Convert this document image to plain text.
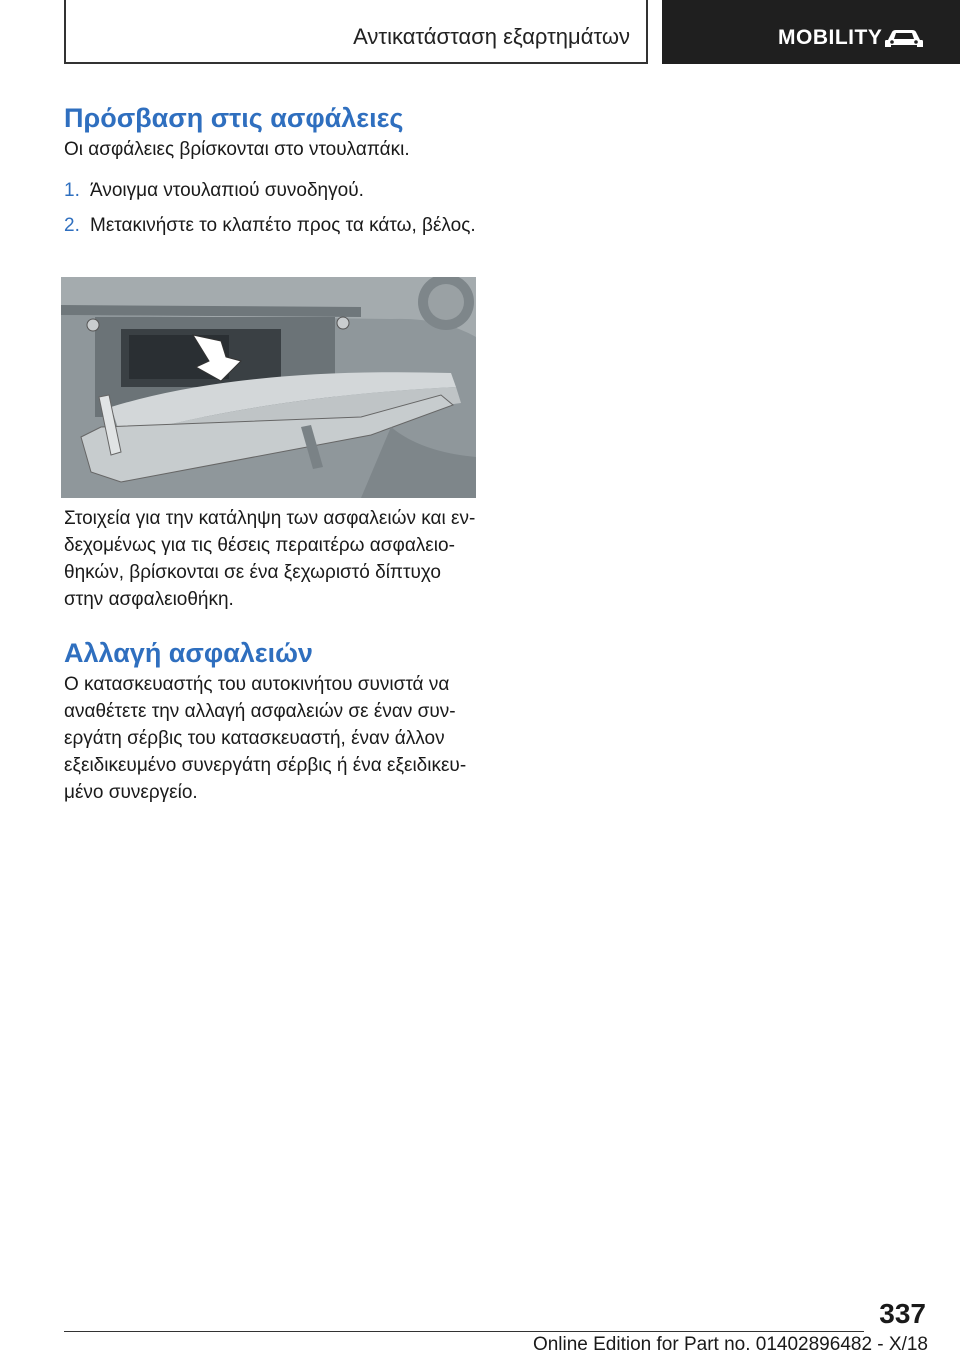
Αντικατάσταση εξαρτημάτων	MOBILITY
Πρόσβαση στις ασφάλειες

Οι ασφάλειες βρίσκονται στο ντουλαπάκι.

1. Άνοιγμα ντουλαπιού συνοδηγού.
2. Μετακινήστε το κλαπέτο προς τα κάτω, βέλος.

Στοιχεία για την κατάληψη των ασφαλειών και ενδεχομένως για τις θέσεις περαιτέρω ασφαλειοθηκών, βρίσκονται σε ένα ξεχωριστό δίπτυχο στην ασφαλειοθήκη.

Αλλαγή ασφαλειών

Ο κατασκευαστής του αυτοκινήτου συνιστά να αναθέτετε την αλλαγή ασφαλειών σε έναν συνεργάτη σέρβις του κατασκευαστή, έναν άλλον εξειδικευμένο συνεργάτη σέρβις ή ένα εξειδικευμένο συνεργείο.

337
Online Edition for Part no. 01402896482 - X/18
